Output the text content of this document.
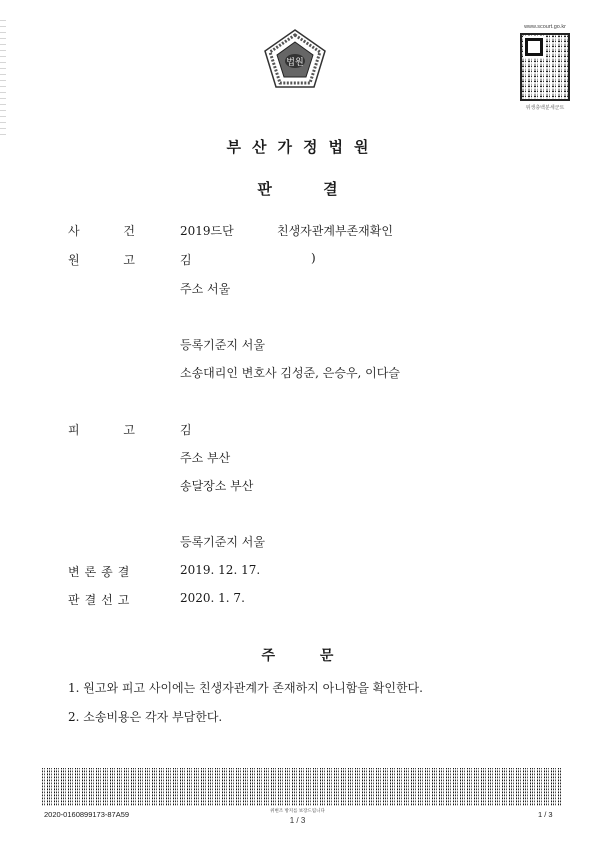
법원
www.scourt.go.kr
위생층백분세군트
부산가정법원
판 결
사 건	2019드단	친생자관계부존재확인
원 고	김	)
주소 서울
등록기준지 서울
소송대리인 변호사 김성준, 은승우, 이다슬
피 고	김
주소 부산
송달장소 부산
등록기준지 서울
변론종결	2019. 12. 17.
판결선고	2020. 1. 7.
주 문
1. 원고와 피고 사이에는 친생자관계가 존재하지 아니함을 확인한다.
2. 소송비용은 각자 부담한다.
위변조 방지를 보장드립니다
2020-0160899173-87A59
1 / 3
1 / 3
